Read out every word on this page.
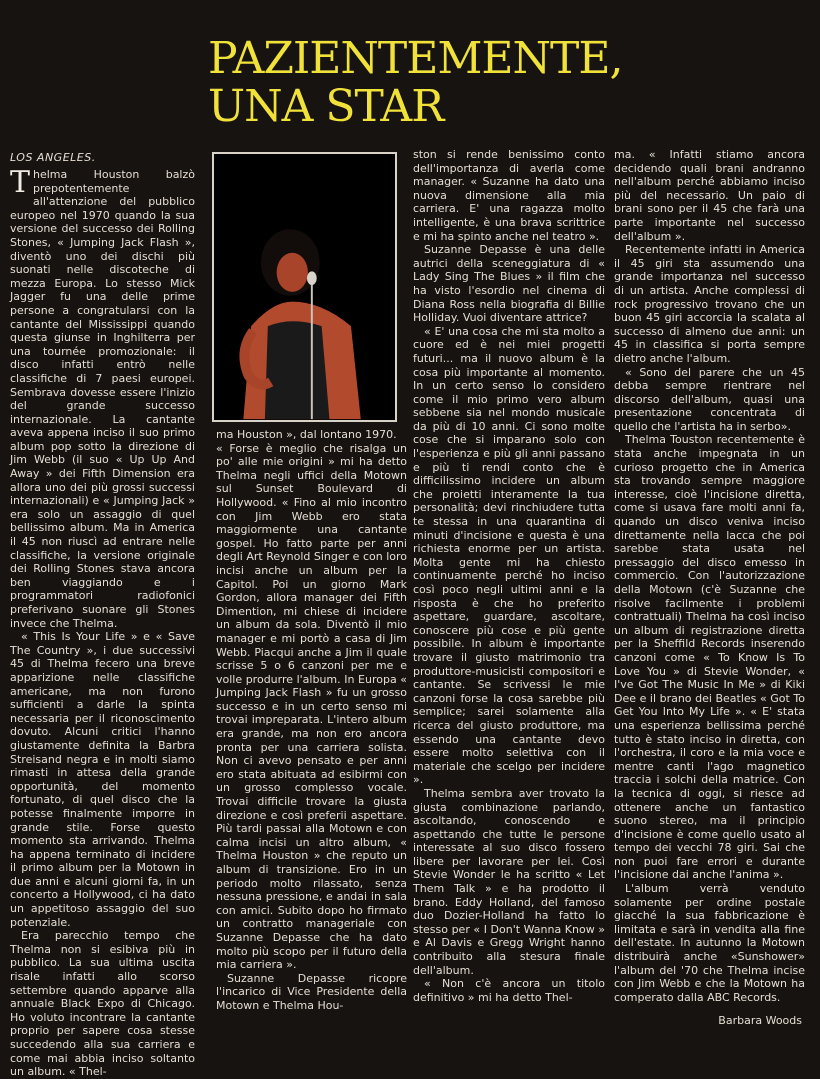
PAZIENTEMENTE,
UNA STAR
LOS ANGELES.

Thelma Houston balzò prepotentemente all'attenzione del pubblico europeo nel 1970 quando la sua versione del successo dei Rolling Stones, « Jumping Jack Flash », diventò uno dei dischi più suonati nelle discoteche di mezza Europa. Lo stesso Mick Jagger fu una delle prime persone a congratularsi con la cantante del Mississippi quando questa giunse in Inghilterra per una tournée promozionale: il disco infatti entrò nelle classifiche di 7 paesi europei. Sembrava dovesse essere l'inizio del grande successo internazionale. La cantante aveva appena inciso il suo primo album pop sotto la direzione di Jim Webb (il suo « Up Up And Away » dei Fifth Dimension era allora uno dei più grossi successi internazionali) e « Jumping Jack » era solo un assaggio di quel bellissimo album. Ma in America il 45 non riuscì ad entrare nelle classifiche, la versione originale dei Rolling Stones stava ancora ben viaggiando e i programmatori radiofonici preferivano suonare gli Stones invece che Thelma.

« This Is Your Life » e « Save The Country », i due successivi 45 di Thelma fecero una breve apparizione nelle classifiche americane, ma non furono sufficienti a darle la spinta necessaria per il riconoscimento dovuto. Alcuni critici l'hanno giustamente definita la Barbra Streisand negra e in molti siamo rimasti in attesa della grande opportunità, del momento fortunato, di quel disco che la potesse finalmente imporre in grande stile. Forse questo momento sta arrivando. Thelma ha appena terminato di incidere il primo album per la Motown in due anni e alcuni giorni fa, in un concerto a Hollywood, ci ha dato un appetitoso assaggio del suo potenziale.

Era parecchio tempo che Thelma non si esibiva più in pubblico. La sua ultima uscita risale infatti allo scorso settembre quando apparve alla annuale Black Expo di Chicago. Ho voluto incontrare la cantante proprio per sapere cosa stesse succedendo alla sua carriera e come mai abbia inciso soltanto un album. « Thel-

ma Houston », dal lontano 1970.

« Forse è meglio che risalga un po' alle mie origini » mi ha detto Thelma negli uffici della Motown sul Sunset Boulevard di Hollywood. « Fino al mio incontro con Jim Webb ero stata maggiormente una cantante gospel. Ho fatto parte per anni degli Art Reynold Singer e con loro incisi anche un album per la Capitol. Poi un giorno Mark Gordon, allora manager dei Fifth Dimention, mi chiese di incidere un album da sola. Diventò il mio manager e mi portò a casa di Jim Webb. Piacqui anche a Jim il quale scrisse 5 o 6 canzoni per me e volle produrre l'album. In Europa « Jumping Jack Flash » fu un grosso successo e in un certo senso mi trovai impreparata. L'intero album era grande, ma non ero ancora pronta per una carriera solista. Non ci avevo pensato e per anni ero stata abituata ad esibirmi con un grosso complesso vocale. Trovai difficile trovare la giusta direzione e così preferii aspettare. Più tardi passai alla Motown e con calma incisi un altro album, « Thelma Houston » che reputo un album di transizione. Ero in un periodo molto rilassato, senza nessuna pressione, e andai in sala con amici. Subito dopo ho firmato un contratto manageriale con Suzanne Depasse che ha dato molto più scopo per il futuro della mia carriera ».

Suzanne Depasse ricopre l'incarico di Vice Presidente della Motown e Thelma Hou-

ston si rende benissimo conto dell'importanza di averla come manager. « Suzanne ha dato una nuova dimensione alla mia carriera. E' una ragazza molto intelligente, è una brava scrittrice e mi ha spinto anche nel teatro ».

Suzanne Depasse è una delle autrici della sceneggiatura di « Lady Sing The Blues » il film che ha visto l'esordio nel cinema di Diana Ross nella biografia di Billie Holliday. Vuoi diventare attrice?

« E' una cosa che mi sta molto a cuore ed è nei miei progetti futuri... ma il nuovo album è la cosa più importante al momento. In un certo senso lo considero come il mio primo vero album sebbene sia nel mondo musicale da più di 10 anni. Ci sono molte cose che si imparano solo con l'esperienza e più gli anni passano e più ti rendi conto che è difficilissimo incidere un album che proietti interamente la tua personalità; devi rinchiudere tutta te stessa in una quarantina di minuti d'incisione e questa è una richiesta enorme per un artista. Molta gente mi ha chiesto continuamente perché ho inciso così poco negli ultimi anni e la risposta è che ho preferito aspettare, guardare, ascoltare, conoscere più cose e più gente possibile. In album è importante trovare il giusto matrimonio tra produttore-musicisti compositori e cantante. Se scrivessi le mie canzoni forse la cosa sarebbe più semplice; sarei solamente alla ricerca del giusto produttore, ma essendo una cantante devo essere molto selettiva con il materiale che scelgo per incidere ».

Thelma sembra aver trovato la giusta combinazione parlando, ascoltando, conoscendo e aspettando che tutte le persone interessate al suo disco fossero libere per lavorare per lei. Così Stevie Wonder le ha scritto « Let Them Talk » e ha prodotto il brano. Eddy Holland, del famoso duo Dozier-Holland ha fatto lo stesso per « I Don't Wanna Know » e Al Davis e Gregg Wright hanno contribuito alla stesura finale dell'album.

« Non c'è ancora un titolo definitivo » mi ha detto Thel-

ma. « Infatti stiamo ancora decidendo quali brani andranno nell'album perché abbiamo inciso più del necessario. Un paio di brani sono per il 45 che farà una parte importante nel successo dell'album ».

Recentemente infatti in America il 45 giri sta assumendo una grande importanza nel successo di un artista. Anche complessi di rock progressivo trovano che un buon 45 giri accorcia la scalata al successo di almeno due anni: un 45 in classifica si porta sempre dietro anche l'album.

« Sono del parere che un 45 debba sempre rientrare nel discorso dell'album, quasi una presentazione concentrata di quello che l'artista ha in serbo».

Thelma Touston recentemente è stata anche impegnata in un curioso progetto che in America sta trovando sempre maggiore interesse, cioè l'incisione diretta, come si usava fare molti anni fa, quando un disco veniva inciso direttamente nella lacca che poi sarebbe stata usata nel pressaggio del disco emesso in commercio. Con l'autorizzazione della Motown (c'è Suzanne che risolve facilmente i problemi contrattuali) Thelma ha così inciso un album di registrazione diretta per la Sheffild Records inserendo canzoni come « To Know Is To Love You » di Stevie Wonder, « I've Got The Music In Me » di Kiki Dee e il brano dei Beatles « Got To Get You Into My Life ». « E' stata una esperienza bellissima perché tutto è stato inciso in diretta, con l'orchestra, il coro e la mia voce e mentre canti l'ago magnetico traccia i solchi della matrice. Con la tecnica di oggi, si riesce ad ottenere anche un fantastico suono stereo, ma il principio d'incisione è come quello usato al tempo dei vecchi 78 giri. Sai che non puoi fare errori e durante l'incisione dai anche l'anima ».

L'album verrà venduto solamente per ordine postale giacché la sua fabbricazione è limitata e sarà in vendita alla fine dell'estate. In autunno la Motown distribuirà anche «Sunshower» l'album del '70 che Thelma incise con Jim Webb e che la Motown ha comperato dalla ABC Records.

Barbara Woods
